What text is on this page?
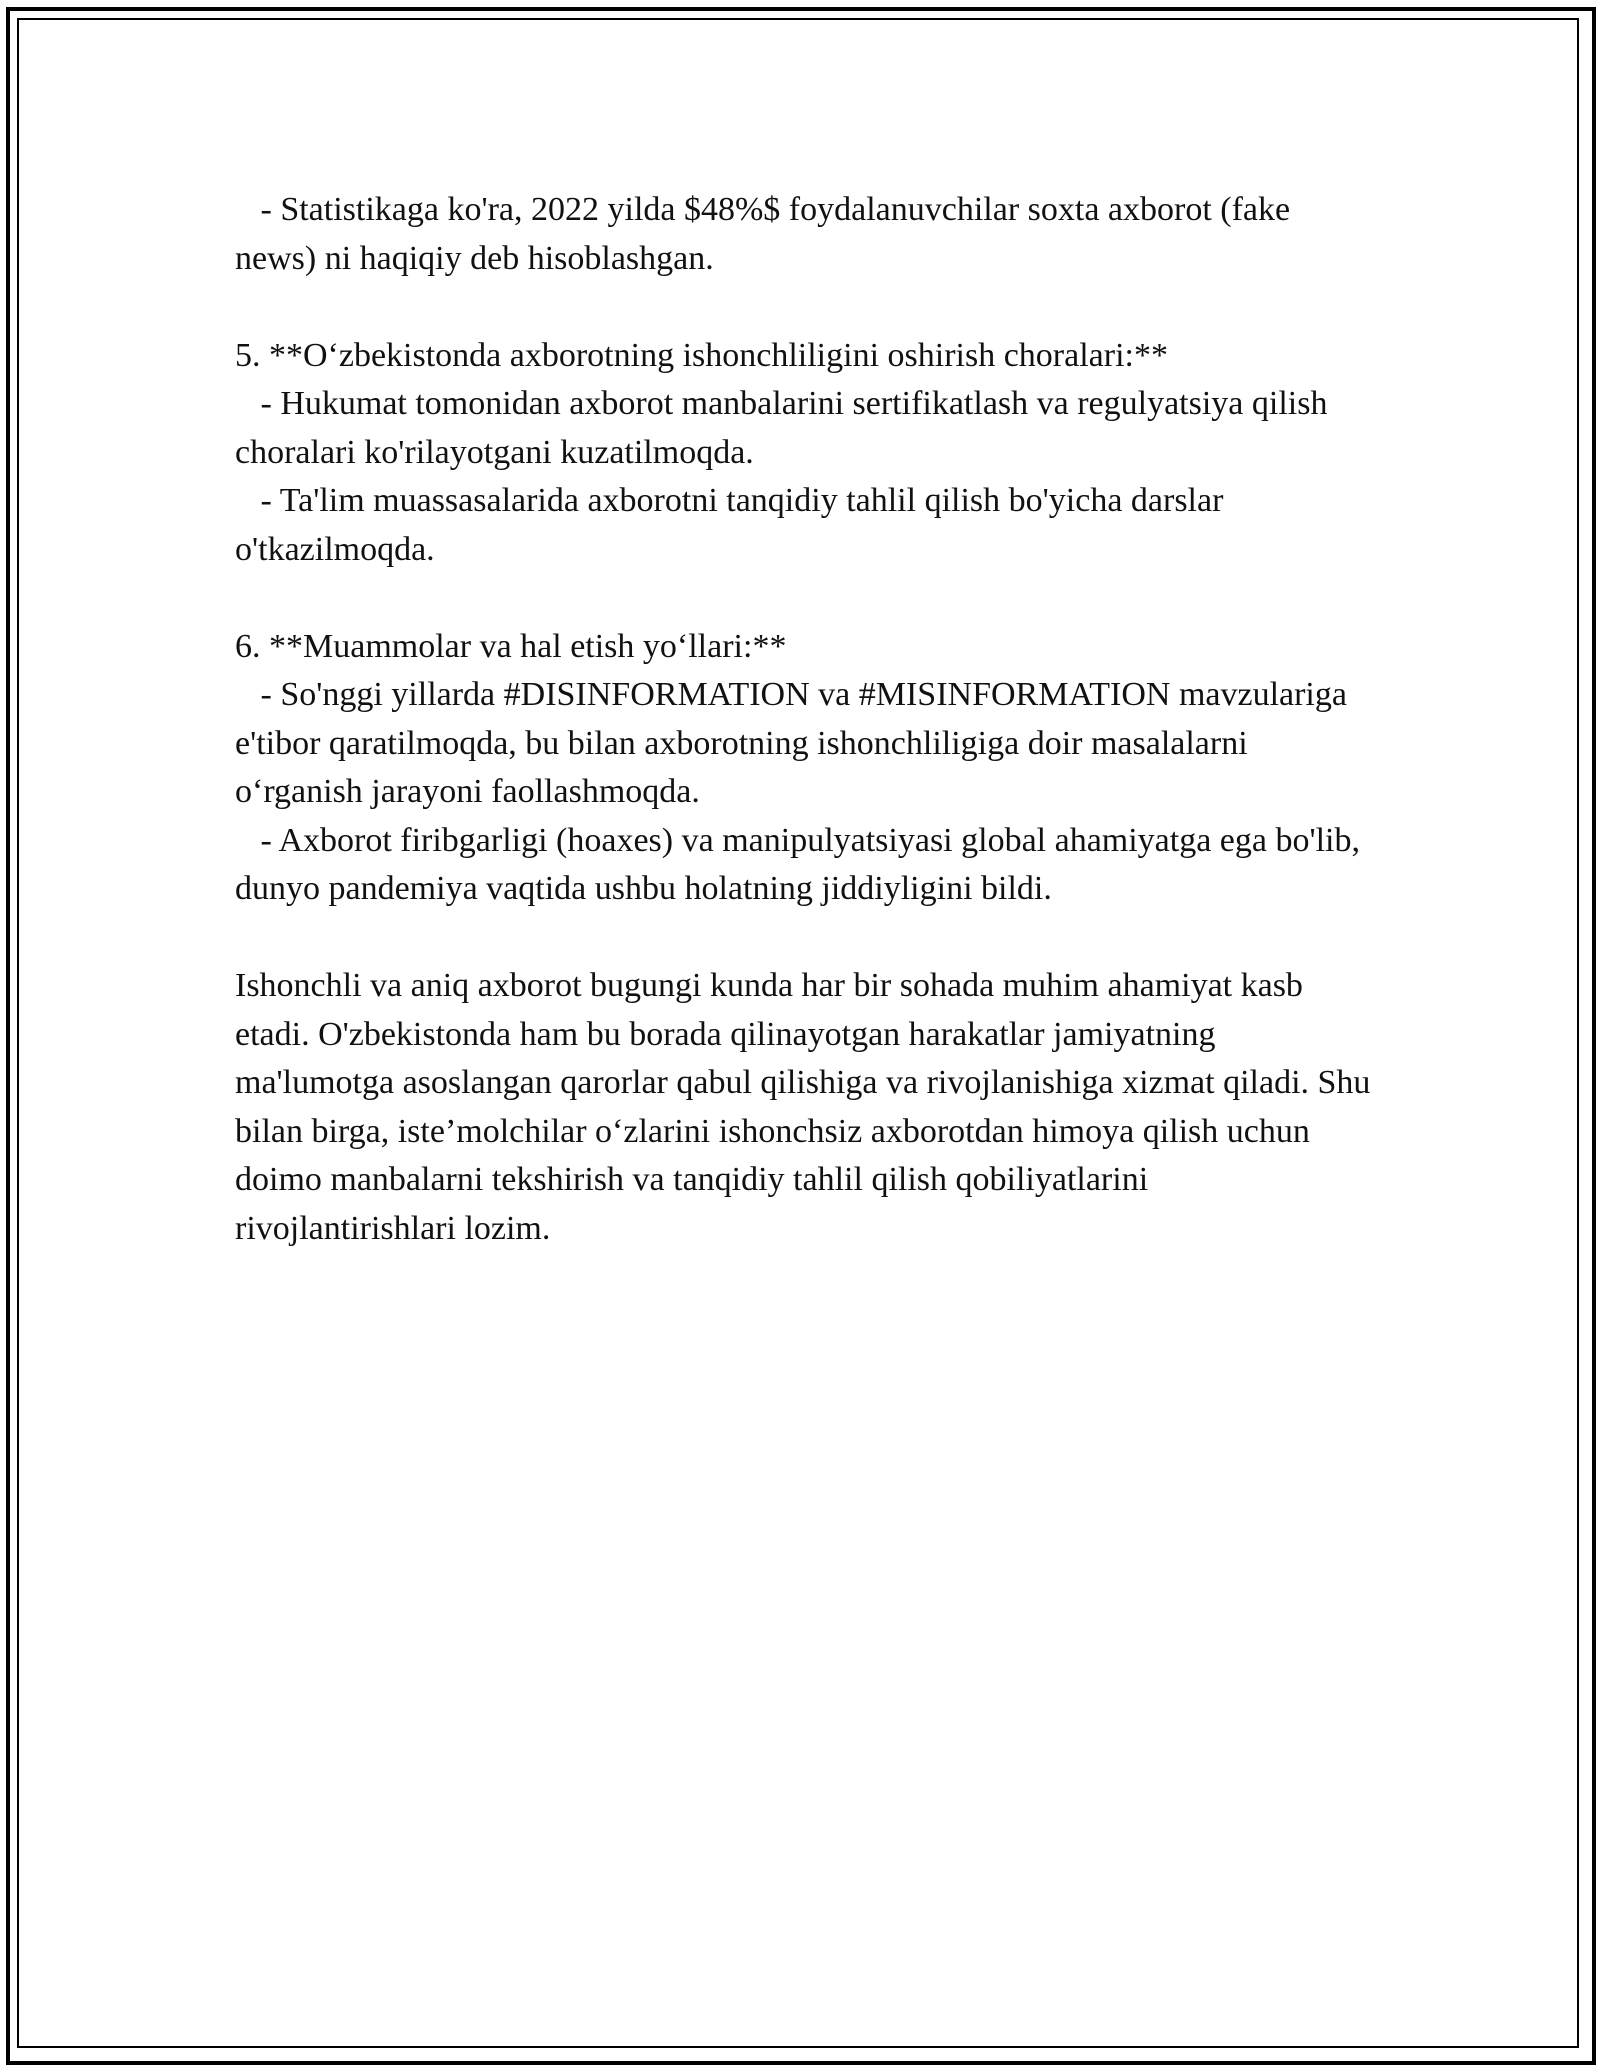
- Statistikaga ko'ra, 2022 yilda $48%$ foydalanuvchilar soxta axborot (fake news) ni haqiqiy deb hisoblashgan.

5. **O‘zbekistonda axborotning ishonchliligini oshirish choralari:**

- Hukumat tomonidan axborot manbalarini sertifikatlash va regulyatsiya qilish choralari ko'rilayotgani kuzatilmoqda.

- Ta'lim muassasalarida axborotni tanqidiy tahlil qilish bo'yicha darslar o'tkazilmoqda.

6. **Muammolar va hal etish yo‘llari:**

- So'nggi yillarda #DISINFORMATION va #MISINFORMATION mavzulariga e'tibor qaratilmoqda, bu bilan axborotning ishonchliligiga doir masalalarni o‘rganish jarayoni faollashmoqda.

- Axborot firibgarligi (hoaxes) va manipulyatsiyasi global ahamiyatga ega bo'lib, dunyo pandemiya vaqtida ushbu holatning jiddiyligini bildi.

Ishonchli va aniq axborot bugungi kunda har bir sohada muhim ahamiyat kasb etadi. O'zbekistonda ham bu borada qilinayotgan harakatlar jamiyatning ma'lumotga asoslangan qarorlar qabul qilishiga va rivojlanishiga xizmat qiladi. Shu bilan birga, iste’molchilar o‘zlarini ishonchsiz axborotdan himoya qilish uchun doimo manbalarni tekshirish va tanqidiy tahlil qilish qobiliyatlarini rivojlantirishlari lozim.
